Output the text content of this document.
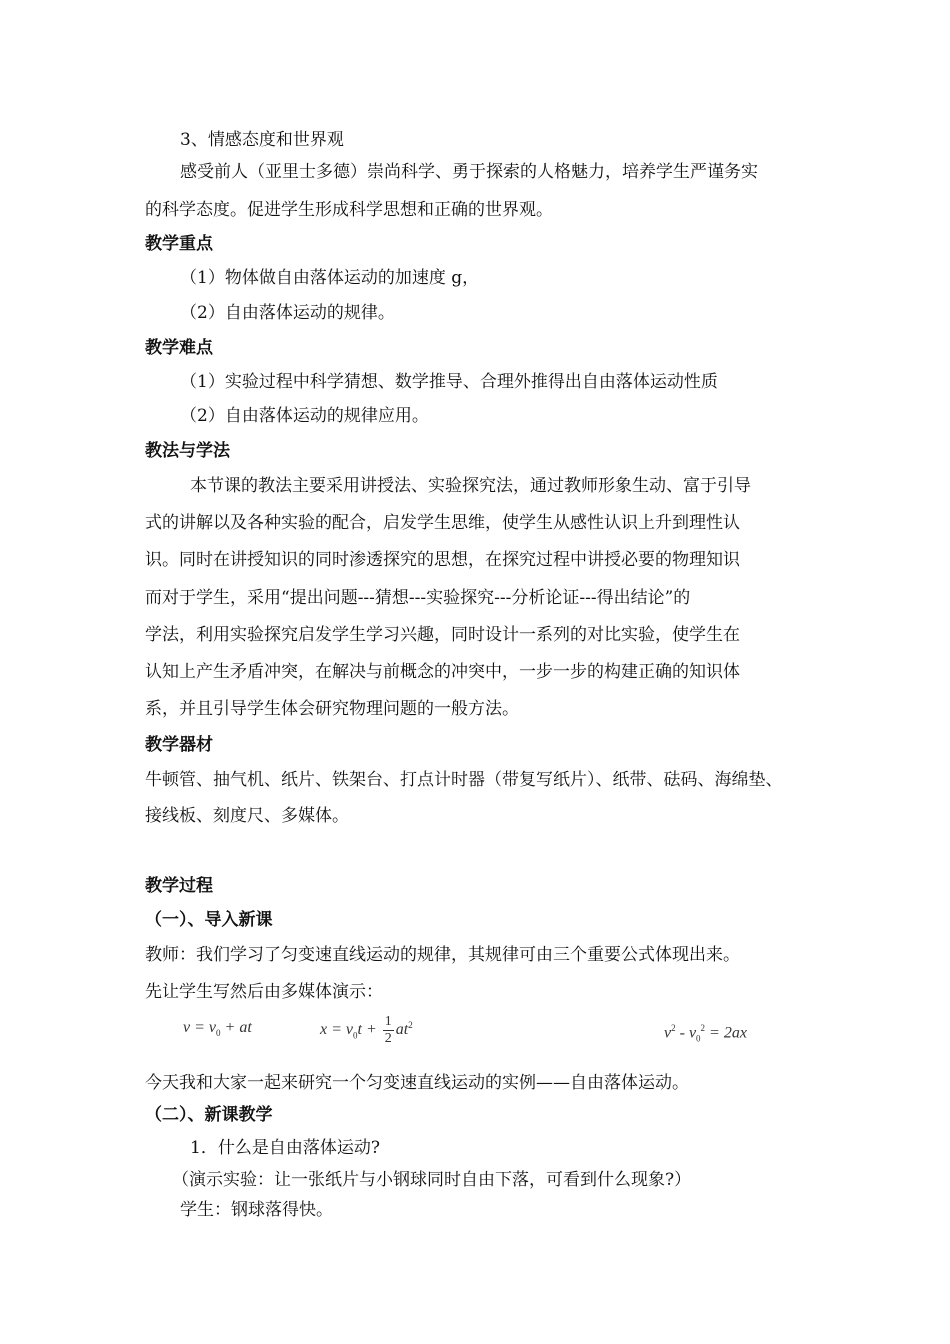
3、情感态度和世界观
感受前人（亚里士多德）崇尚科学、勇于探索的人格魅力，培养学生严谨务实
的科学态度。促进学生形成科学思想和正确的世界观。
教学重点
（1）物体做自由落体运动的加速度 g，
（2）自由落体运动的规律。
教学难点
（1）实验过程中科学猜想、数学推导、合理外推得出自由落体运动性质
（2）自由落体运动的规律应用。
教法与学法
本节课的教法主要采用讲授法、实验探究法，通过教师形象生动、富于引导
式的讲解以及各种实验的配合，启发学生思维，使学生从感性认识上升到理性认
识。同时在讲授知识的同时渗透探究的思想，在探究过程中讲授必要的物理知识
而对于学生，采用“提出问题---猜想---实验探究---分析论证---得出结论”的
学法，利用实验探究启发学生学习兴趣，同时设计一系列的对比实验，使学生在
认知上产生矛盾冲突，在解决与前概念的冲突中，一步一步的构建正确的知识体
系，并且引导学生体会研究物理问题的一般方法。
教学器材
牛顿管、抽气机、纸片、铁架台、打点计时器（带复写纸片）、纸带、砝码、海绵垫、
接线板、刻度尺、多媒体。
教学过程
（一）、导入新课
教师：我们学习了匀变速直线运动的规律，其规律可由三个重要公式体现出来。
先让学生写然后由多媒体演示：
$v = v_0$ + at	$x = v_0t + \frac{1}{2} at^2$	$v^2 - v_0^2 = 2ax$
今天我和大家一起来研究一个匀变速直线运动的实例——自由落体运动。
（二）、新课教学
1．什么是自由落体运动?
（演示实验：让一张纸片与小钢球同时自由下落，可看到什么现象?）
学生：钢球落得快。
